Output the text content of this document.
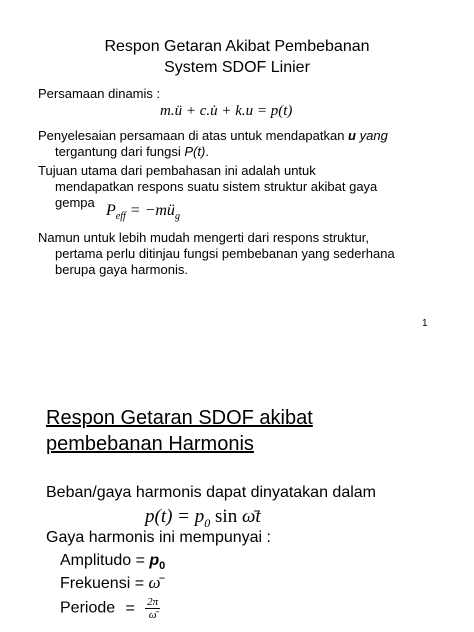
Respon Getaran Akibat Pembebanan
System SDOF Linier
Persamaan dinamis :
m.ü + c.u̇ + k.u = p(t)
Penyelesaian persamaan di atas untuk mendapatkan u yang
tergantung dari fungsi P(t).
Tujuan utama dari pembahasan ini adalah untuk
mendapatkan respons suatu sistem struktur akibat gaya
gempa $P_{eff}$ = $-mü_g$
Namun untuk lebih mudah mengerti dari respons struktur,
pertama perlu ditinjau fungsi pembebanan yang sederhana
berupa gaya harmonis.
1
Respon Getaran SDOF akibat
pembebanan Harmonis
Beban/gaya harmonis dapat dinyatakan dalam
$p(t) = p_0$ sin ω̄t
Gaya harmonis ini mempunyai :
Amplitudo = $p_0$
Frekuensi = ω̄
Periode = $\frac{2\pi}{\omegā}$
